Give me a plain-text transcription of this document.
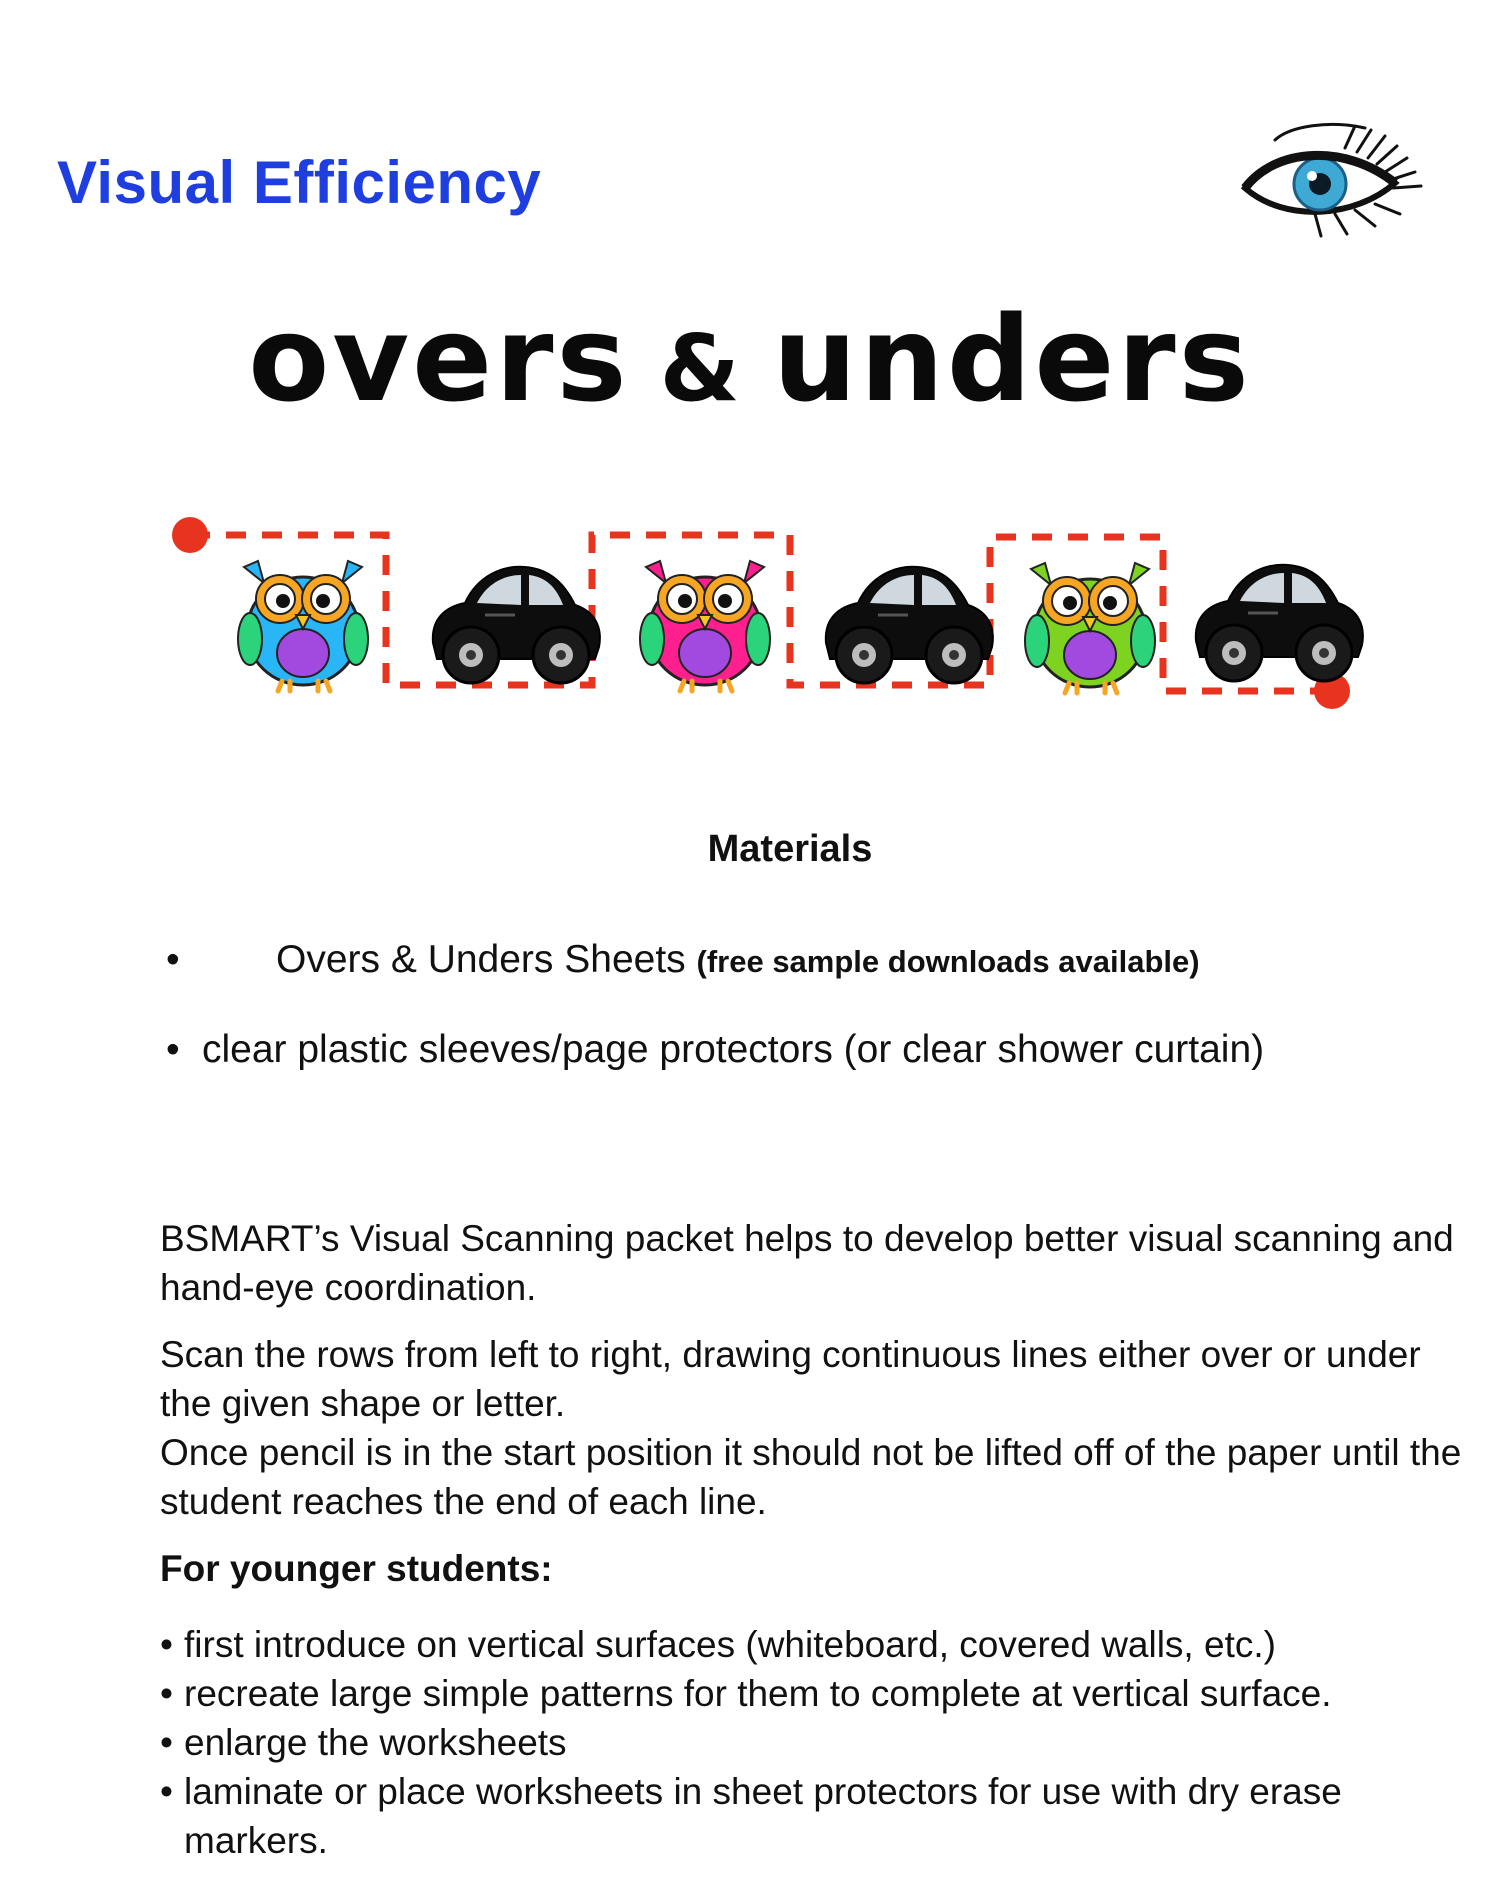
Visual Efficiency
overs & unders
Materials
• Overs & Unders Sheets (free sample downloads available)
• clear plastic sleeves/page protectors (or clear shower curtain)

BSMART’s Visual Scanning packet helps to develop better visual scanning and hand-eye coordination.

Scan the rows from left to right, drawing continuous lines either over or under the given shape or letter.
Once pencil is in the start position it should not be lifted off of the paper until the student reaches the end of each line.
For younger students:
• first introduce on vertical surfaces (whiteboard, covered walls, etc.)
• recreate large simple patterns for them to complete at vertical surface.
• enlarge the worksheets
• laminate or place worksheets in sheet protectors for use with dry erase markers.
